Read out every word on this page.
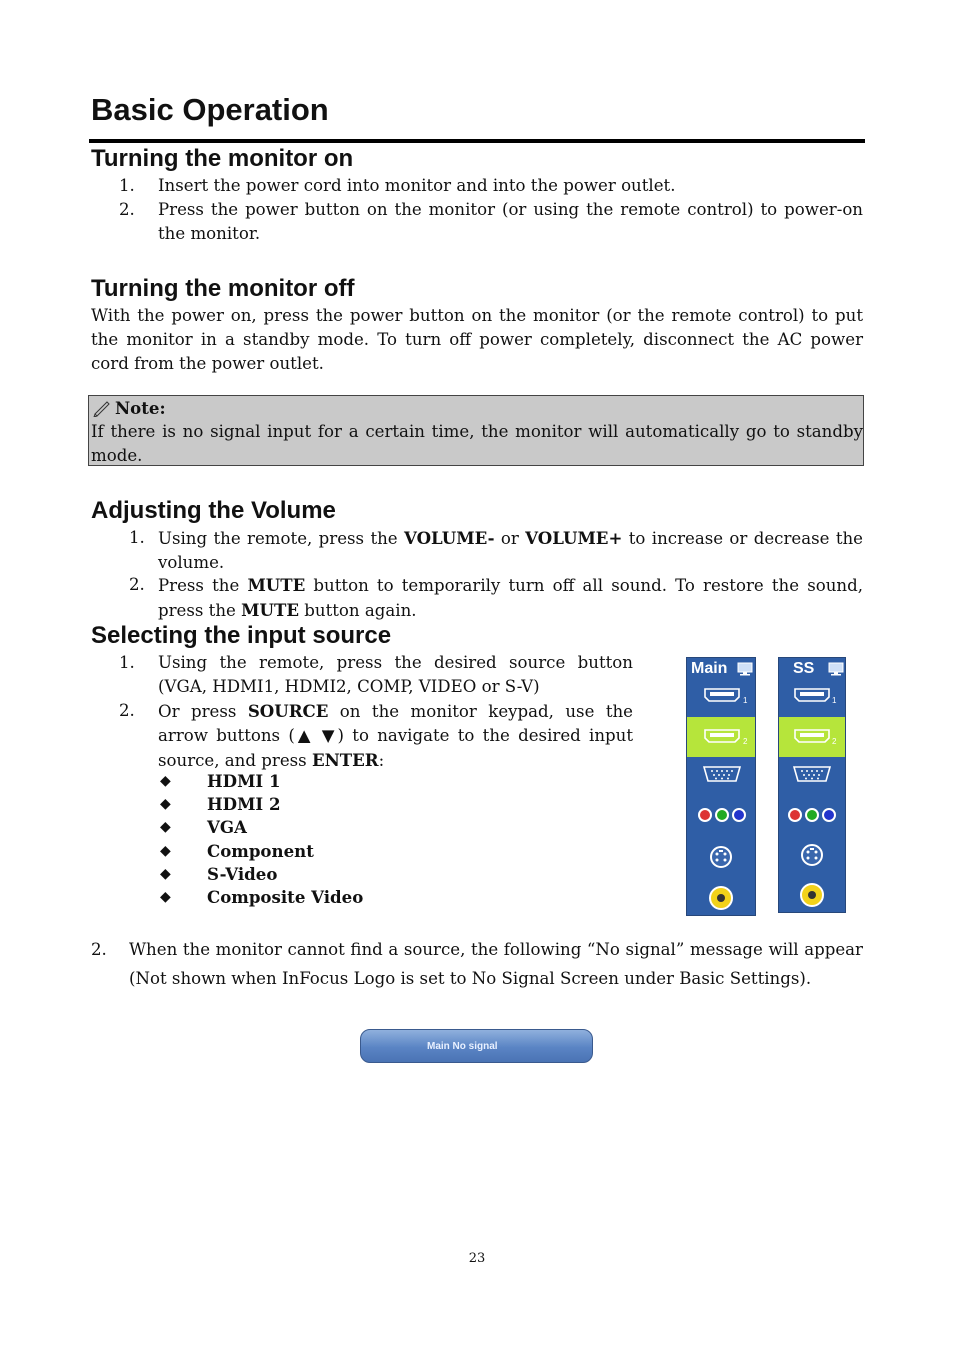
Basic Operation
Turning the monitor on
1. Insert the power cord into monitor and into the power outlet.
2. Press the power button on the monitor (or using the remote control) to power-on the monitor.
Turning the monitor off
With the power on, press the power button on the monitor (or the remote control) to put the monitor in a standby mode. To turn off power completely, disconnect the AC power cord from the power outlet.
Note:
If there is no signal input for a certain time, the monitor will automatically go to standby mode.
Adjusting the Volume
1. Using the remote, press the VOLUME- or VOLUME+ to increase or decrease the volume.
2. Press the MUTE button to temporarily turn off all sound. To restore the sound, press the MUTE button again.
Selecting the input source
1. Using the remote, press the desired source button (VGA, HDMI1, HDMI2, COMP, VIDEO or S-V)
2. Or press SOURCE on the monitor keypad, use the arrow buttons (▲ ▼) to navigate to the desired input source, and press ENTER:
◆ HDMI 1
◆ HDMI 2
◆ VGA
◆ Component
◆ S-Video
◆ Composite Video
Main
1
2
SS
1
2
2. When the monitor cannot find a source, the following “No signal” message will appear (Not shown when InFocus Logo is set to No Signal Screen under Basic Settings).
Main No signal
23
